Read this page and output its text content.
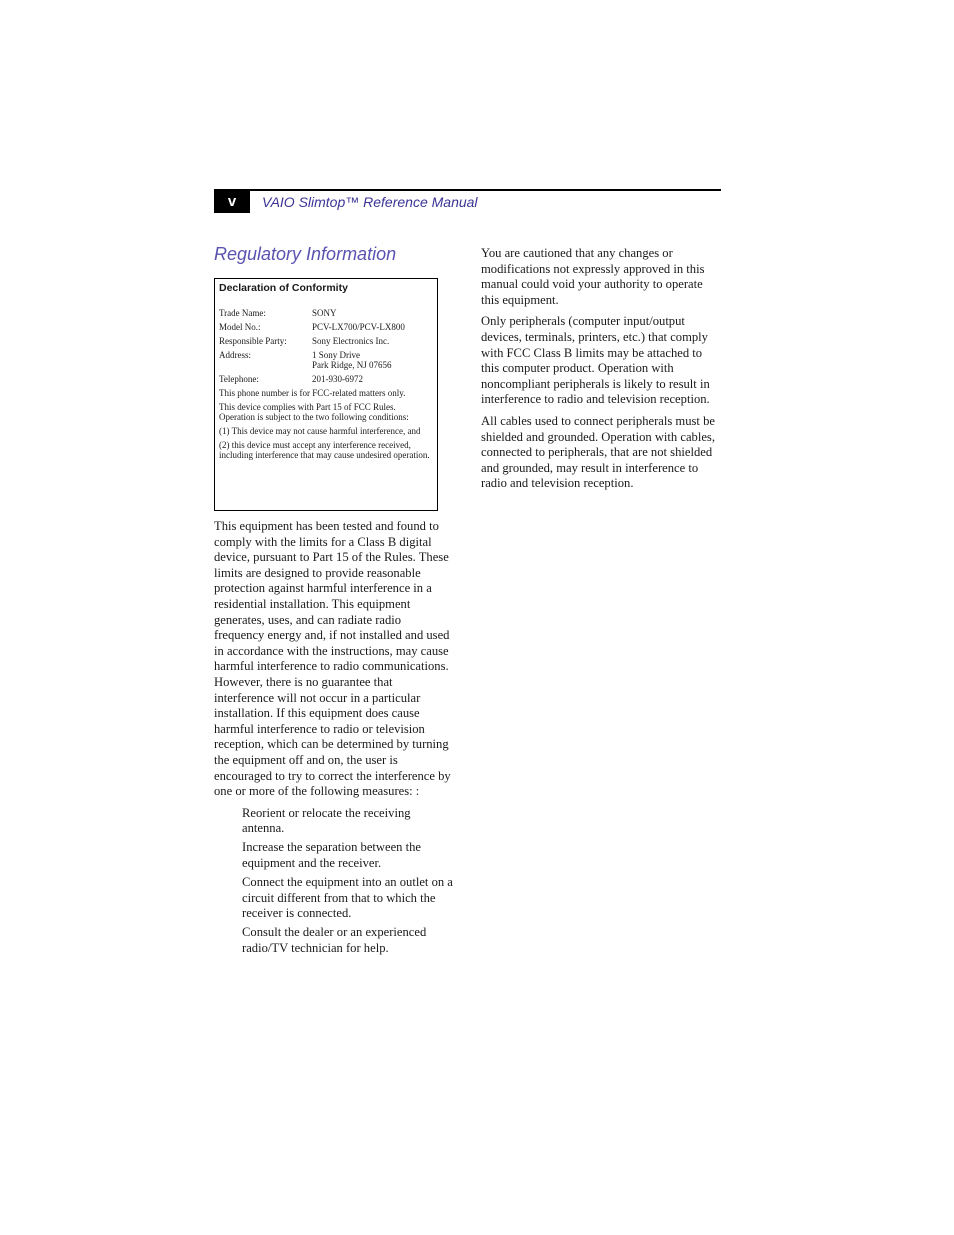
v	VAIO Slimtop™ Reference Manual
Regulatory Information
Declaration of Conformity
Trade Name:	SONY
Model No.:	PCV-LX700/PCV-LX800
Responsible Party:	Sony Electronics Inc.
Address:	1 Sony Drive
Park Ridge, NJ 07656
Telephone:	201-930-6972
This phone number is for FCC-related matters only.
This device complies with Part 15 of FCC Rules. Operation is subject to the two following conditions:
(1) This device may not cause harmful interference, and
(2) this device must accept any interference received, including interference that may cause undesired operation.

This equipment has been tested and found to comply with the limits for a Class B digital device, pursuant to Part 15 of the Rules. These limits are designed to provide reasonable protection against harmful interference in a residential installation. This equipment generates, uses, and can radiate radio frequency energy and, if not installed and used in accordance with the instructions, may cause harmful interference to radio communications. However, there is no guarantee that interference will not occur in a particular installation. If this equipment does cause harmful interference to radio or television reception, which can be determined by turning the equipment off and on, the user is encouraged to try to correct the interference by one or more of the following measures: :

Reorient or relocate the receiving antenna.
Increase the separation between the equipment and the receiver.
Connect the equipment into an outlet on a circuit different from that to which the receiver is connected.
Consult the dealer or an experienced radio/TV technician for help.

You are cautioned that any changes or modifications not expressly approved in this manual could void your authority to operate this equipment.

Only peripherals (computer input/output devices, terminals, printers, etc.) that comply with FCC Class B limits may be attached to this computer product. Operation with noncompliant peripherals is likely to result in interference to radio and television reception.

All cables used to connect peripherals must be shielded and grounded. Operation with cables, connected to peripherals, that are not shielded and grounded, may result in interference to radio and television reception.
